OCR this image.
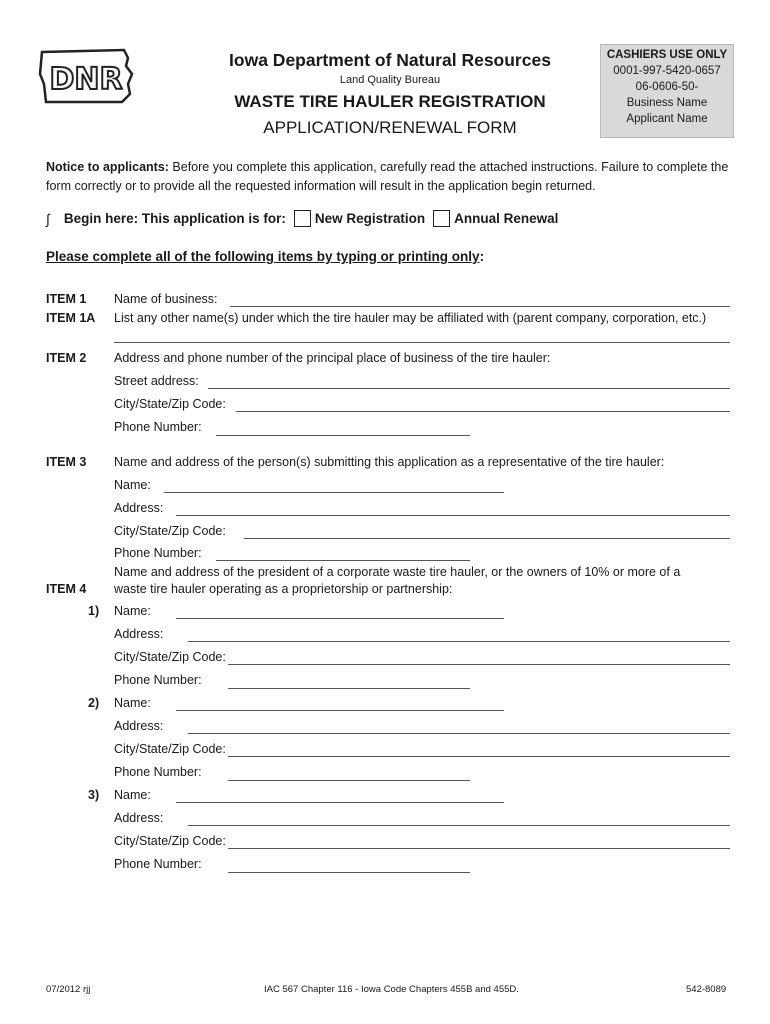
DNR
Iowa Department of Natural Resources
Land Quality Bureau
WASTE TIRE HAULER REGISTRATION
APPLICATION/RENEWAL FORM
CASHIERS USE ONLY
0001-997-5420-0657
06-0606-50-
Business Name
Applicant Name
Notice to applicants: Before you complete this application, carefully read the attached instructions. Failure to complete the form correctly or to provide all the requested information will result in the application begin returned.
∫ Begin here: This application is for: New Registration Annual Renewal
Please complete all of the following items by typing or printing only:
ITEM 1 Name of business:
ITEM 1A List any other name(s) under which the tire hauler may be affiliated with (parent company, corporation, etc.)
ITEM 2 Address and phone number of the principal place of business of the tire hauler:
Street address:
City/State/Zip Code:
Phone Number:
ITEM 3 Name and address of the person(s) submitting this application as a representative of the tire hauler:
Name:
Address:
City/State/Zip Code:
Phone Number:
Name and address of the president of a corporate waste tire hauler, or the owners of 10% or more of a
ITEM 4 waste tire hauler operating as a proprietorship or partnership:
1) Name:
Address:
City/State/Zip Code:
Phone Number:
2) Name:
Address:
City/State/Zip Code:
Phone Number:
3) Name:
Address:
City/State/Zip Code:
Phone Number:
07/2012 rjj	IAC 567 Chapter 116 - Iowa Code Chapters 455B and 455D.	542-8089
